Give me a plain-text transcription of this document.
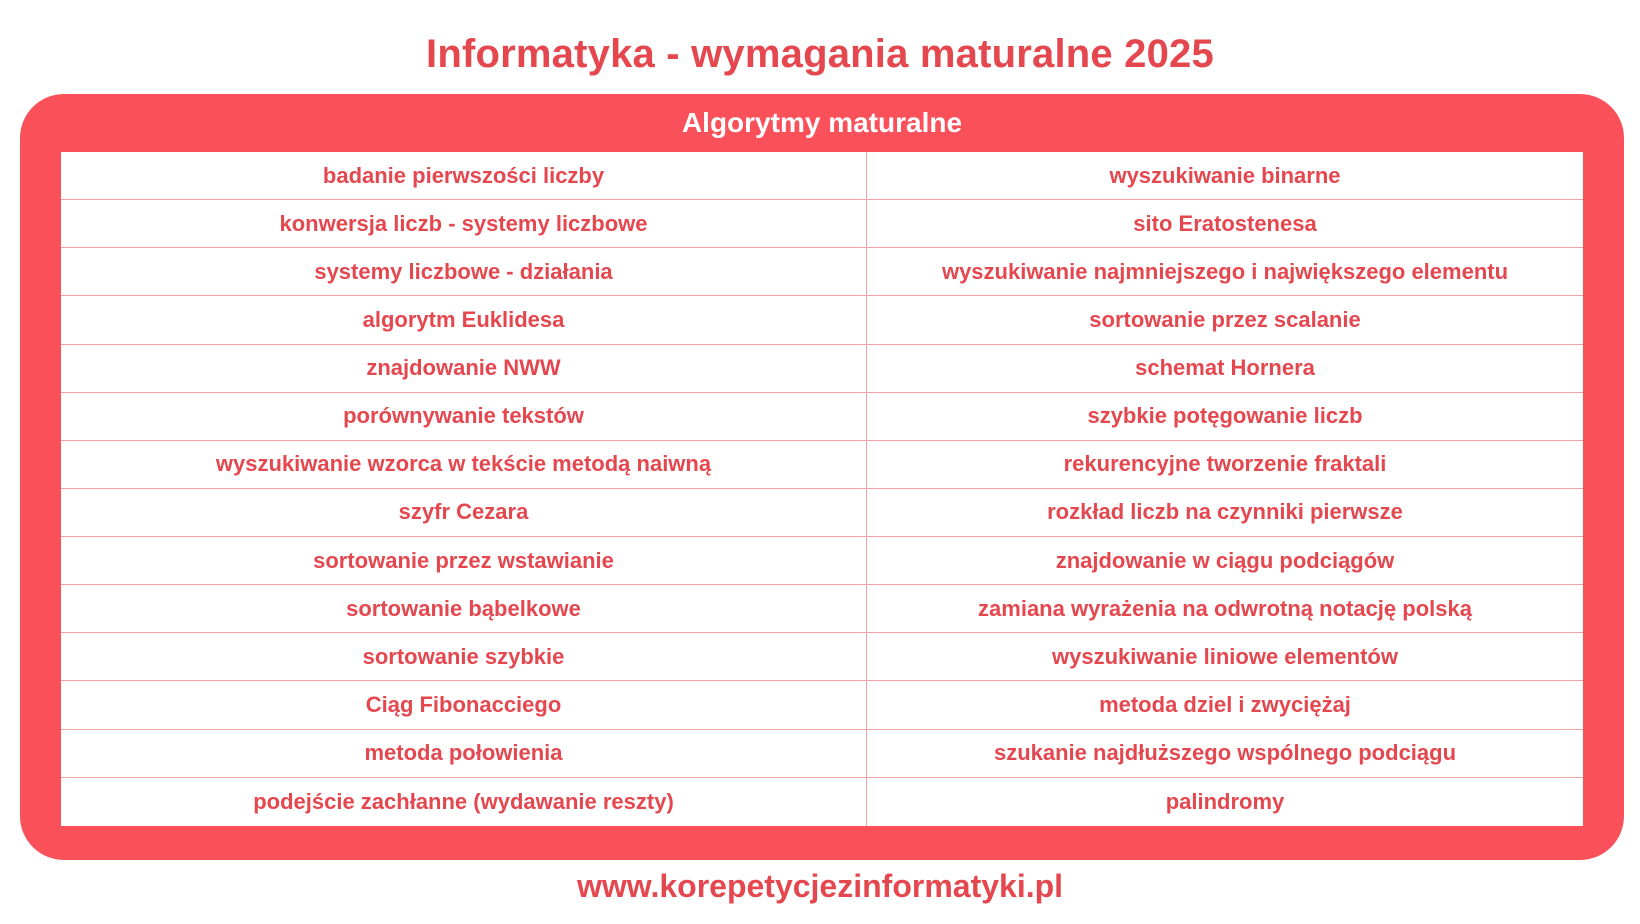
Informatyka - wymagania maturalne 2025
Algorytmy maturalne
badanie pierwszości liczby	wyszukiwanie binarne
konwersja liczb - systemy liczbowe	sito Eratostenesa
systemy liczbowe - działania	wyszukiwanie najmniejszego i największego elementu
algorytm Euklidesa	sortowanie przez scalanie
znajdowanie NWW	schemat Hornera
porównywanie tekstów	szybkie potęgowanie liczb
wyszukiwanie wzorca w tekście metodą naiwną	rekurencyjne tworzenie fraktali
szyfr Cezara	rozkład liczb na czynniki pierwsze
sortowanie przez wstawianie	znajdowanie w ciągu podciągów
sortowanie bąbelkowe	zamiana wyrażenia na odwrotną notację polską
sortowanie szybkie	wyszukiwanie liniowe elementów
Ciąg Fibonacciego	metoda dziel i zwyciężaj
metoda połowienia	szukanie najdłuższego wspólnego podciągu
podejście zachłanne (wydawanie reszty)	palindromy
www.korepetycjezinformatyki.pl
